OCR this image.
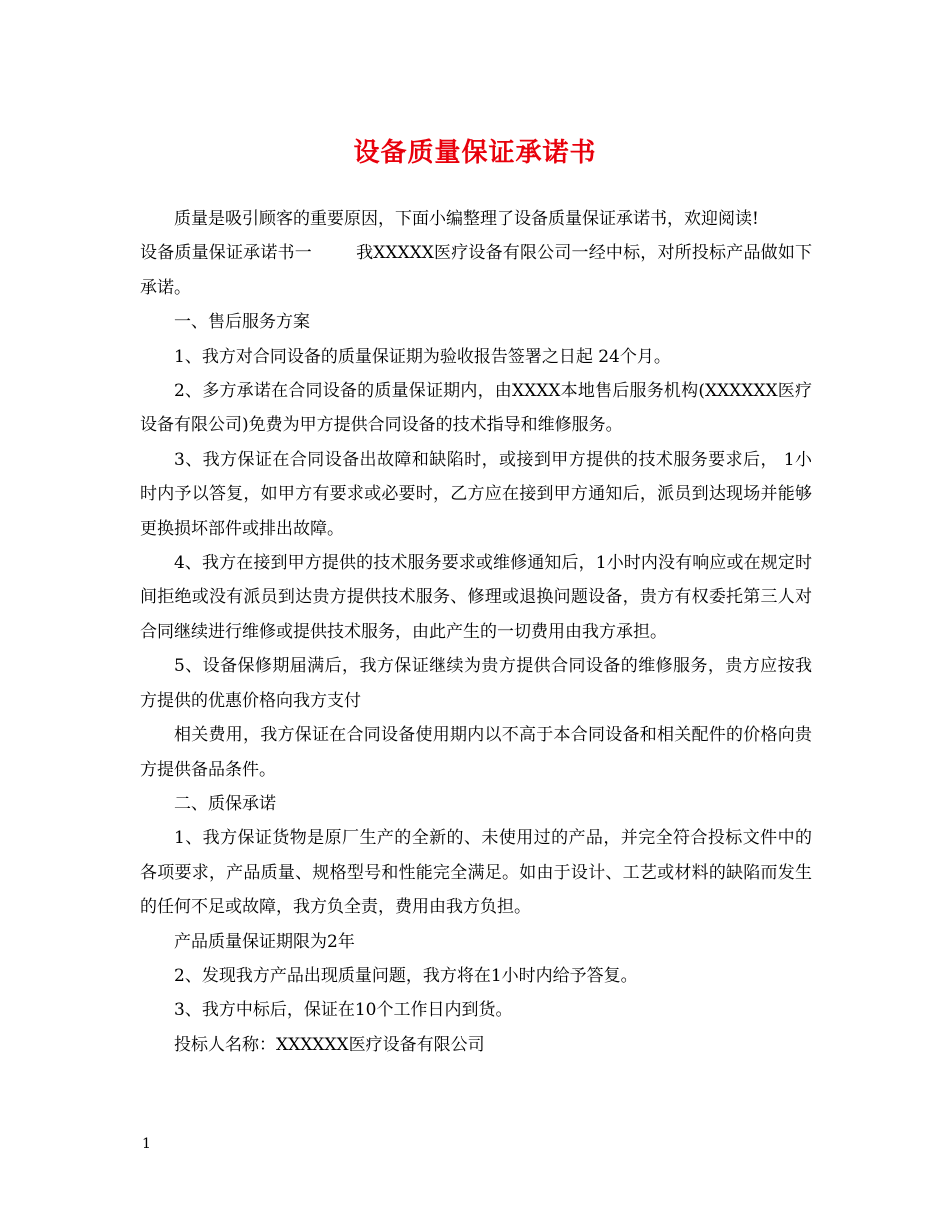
设备质量保证承诺书

质量是吸引顾客的重要原因，下面小编整理了设备质量保证承诺书，欢迎阅读!

设备质量保证承诺书一	我XXXXX医疗设备有限公司一经中标，对所投标产品做如下承诺。

一、售后服务方案

1、我方对合同设备的质量保证期为验收报告签署之日起 24个月。

2、多方承诺在合同设备的质量保证期内，由XXXX本地售后服务机构(XXXXXX医疗设备有限公司)免费为甲方提供合同设备的技术指导和维修服务。

3、我方保证在合同设备出故障和缺陷时，或接到甲方提供的技术服务要求后， 1小时内予以答复，如甲方有要求或必要时，乙方应在接到甲方通知后，派员到达现场并能够更换损坏部件或排出故障。

4、我方在接到甲方提供的技术服务要求或维修通知后，1小时内没有响应或在规定时间拒绝或没有派员到达贵方提供技术服务、修理或退换问题设备，贵方有权委托第三人对合同继续进行维修或提供技术服务，由此产生的一切费用由我方承担。

5、设备保修期届满后，我方保证继续为贵方提供合同设备的维修服务，贵方应按我方提供的优惠价格向我方支付

相关费用，我方保证在合同设备使用期内以不高于本合同设备和相关配件的价格向贵方提供备品条件。

二、质保承诺

1、我方保证货物是原厂生产的全新的、未使用过的产品，并完全符合投标文件中的各项要求，产品质量、规格型号和性能完全满足。如由于设计、工艺或材料的缺陷而发生的任何不足或故障，我方负全责，费用由我方负担。

产品质量保证期限为2年

2、发现我方产品出现质量问题，我方将在1小时内给予答复。

3、我方中标后，保证在10个工作日内到货。

投标人名称：XXXXXX医疗设备有限公司

1
